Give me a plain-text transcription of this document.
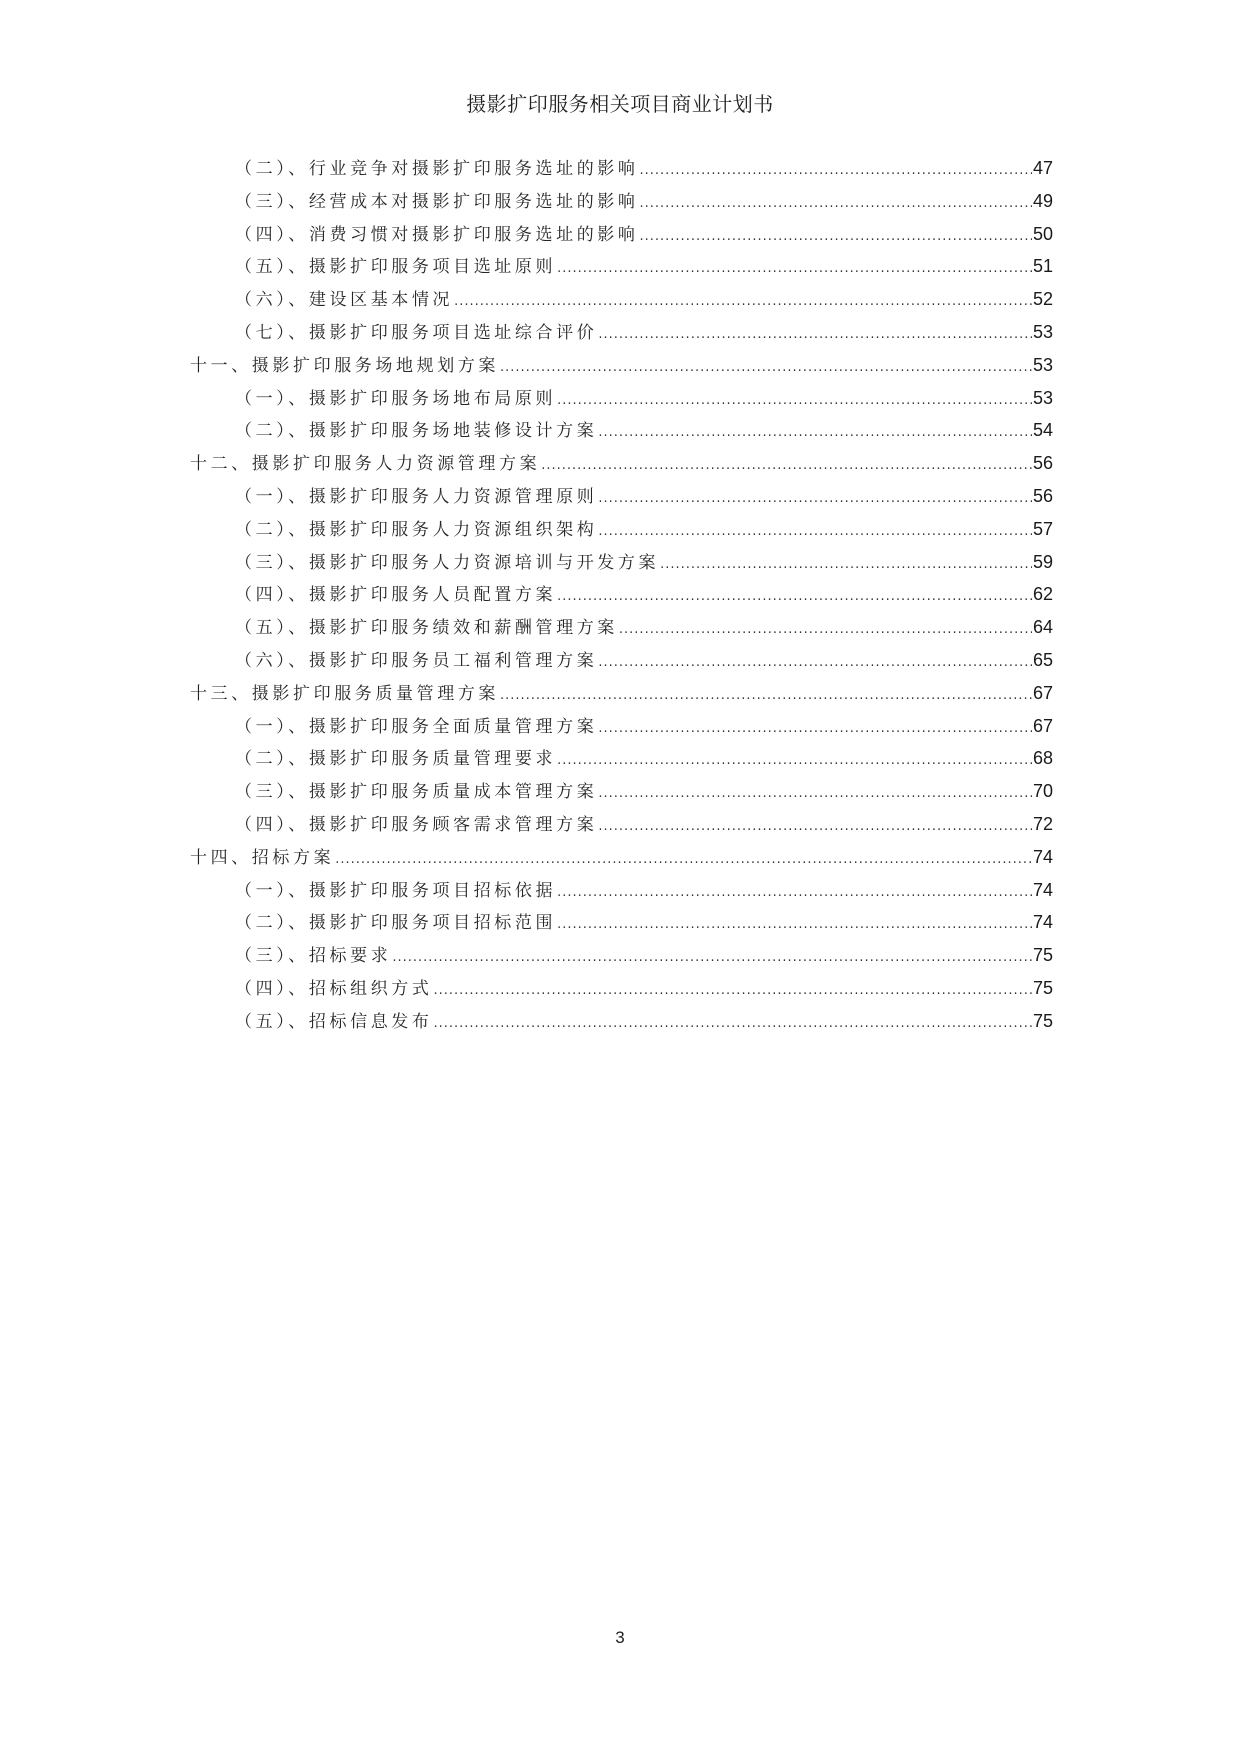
摄影扩印服务相关项目商业计划书
（二）、行业竞争对摄影扩印服务选址的影响 .....	47
（三）、经营成本对摄影扩印服务选址的影响 .....	49
（四）、消费习惯对摄影扩印服务选址的影响 .....	50
（五）、摄影扩印服务项目选址原则 .....	51
（六）、建设区基本情况 .....	52
（七）、摄影扩印服务项目选址综合评价 .....	53
十一、摄影扩印服务场地规划方案 .....	53
（一）、摄影扩印服务场地布局原则 .....	53
（二）、摄影扩印服务场地装修设计方案 .....	54
十二、摄影扩印服务人力资源管理方案 .....	56
（一）、摄影扩印服务人力资源管理原则 .....	56
（二）、摄影扩印服务人力资源组织架构 .....	57
（三）、摄影扩印服务人力资源培训与开发方案 .....	59
（四）、摄影扩印服务人员配置方案 .....	62
（五）、摄影扩印服务绩效和薪酬管理方案 .....	64
（六）、摄影扩印服务员工福利管理方案 .....	65
十三、摄影扩印服务质量管理方案 .....	67
（一）、摄影扩印服务全面质量管理方案 .....	67
（二）、摄影扩印服务质量管理要求 .....	68
（三）、摄影扩印服务质量成本管理方案 .....	70
（四）、摄影扩印服务顾客需求管理方案 .....	72
十四、招标方案 .....	74
（一）、摄影扩印服务项目招标依据 .....	74
（二）、摄影扩印服务项目招标范围 .....	74
（三）、招标要求 .....	75
（四）、招标组织方式 .....	75
（五）、招标信息发布 .....	75
3
